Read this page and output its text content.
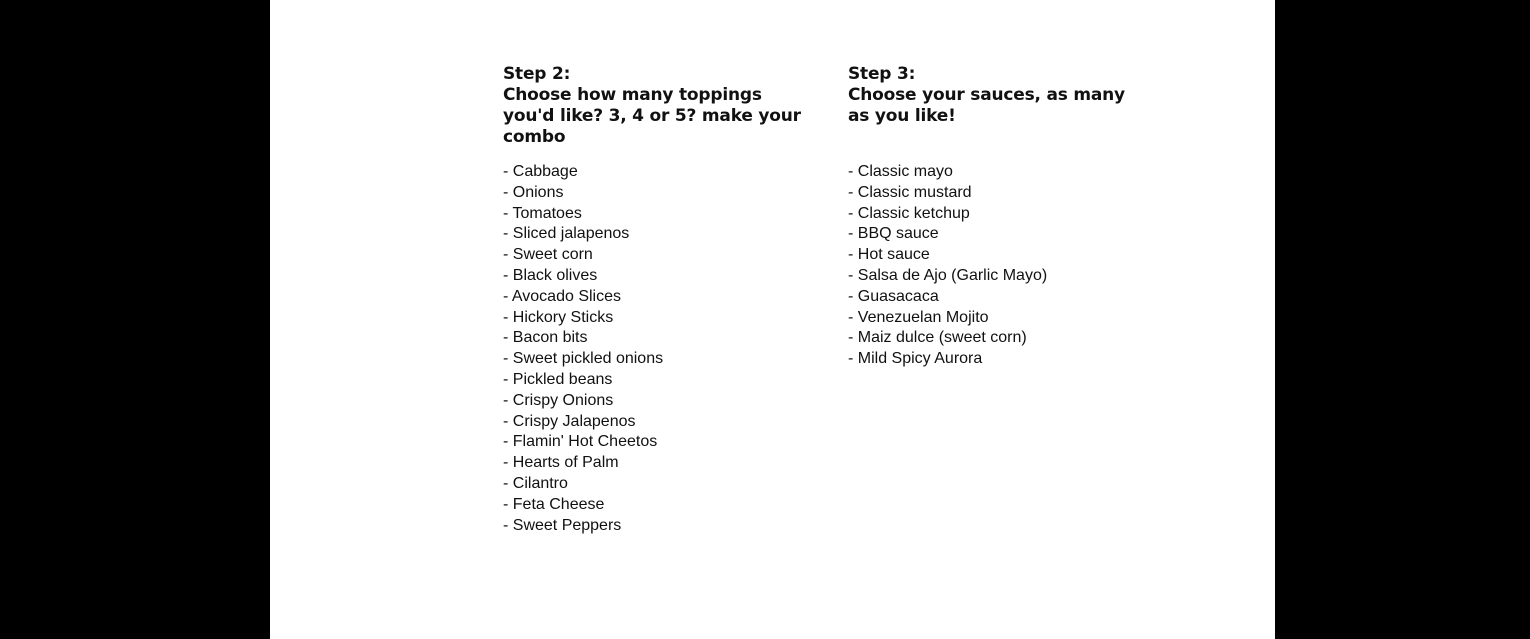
Step 2:
Choose how many toppings you'd like? 3, 4 or 5? make your combo
- Cabbage
- Onions
- Tomatoes
- Sliced jalapenos
- Sweet corn
- Black olives
- Avocado Slices
- Hickory Sticks
- Bacon bits
- Sweet pickled onions
- Pickled beans
- Crispy Onions
- Crispy Jalapenos
- Flamin' Hot Cheetos
- Hearts of Palm
- Cilantro
- Feta Cheese
- Sweet Peppers
Step 3:
Choose your sauces, as many as you like!
- Classic mayo
- Classic mustard
- Classic ketchup
- BBQ sauce
- Hot sauce
- Salsa de Ajo (Garlic Mayo)
- Guasacaca
- Venezuelan Mojito
- Maiz dulce (sweet corn)
- Mild Spicy Aurora
